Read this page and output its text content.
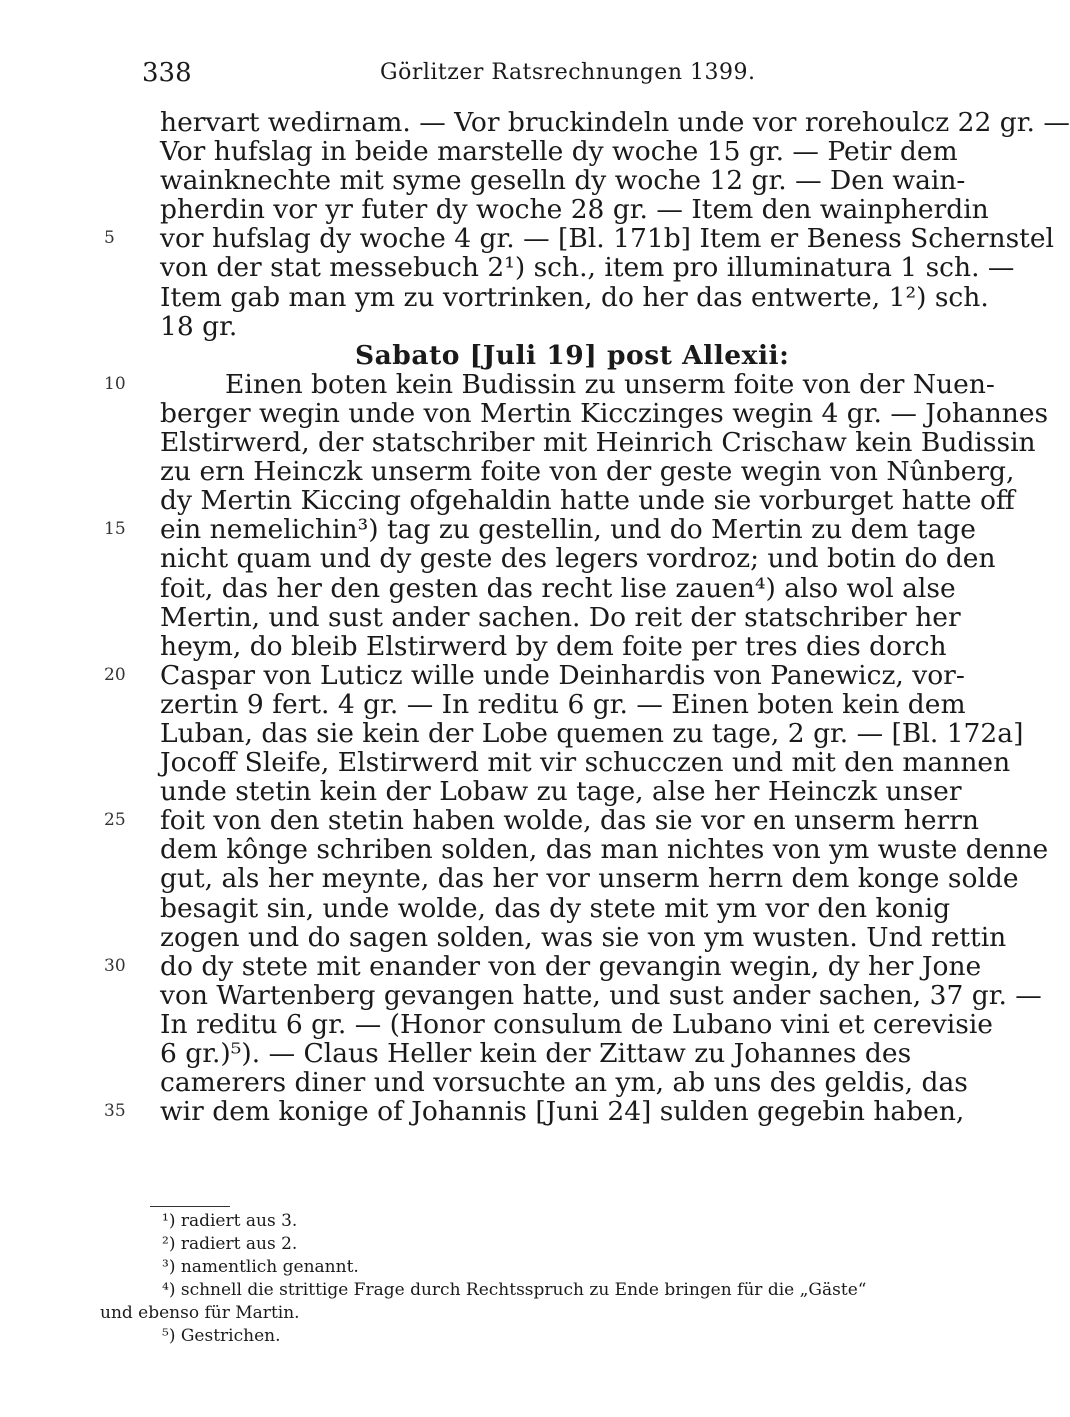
338	Görlitzer Ratsrechnungen 1399.
hervart wedirnam. — Vor bruckindeln unde vor rorehoulcz 22 gr. —
Vor hufslag in beide marstelle dy woche 15 gr. — Petir dem
wainknechte mit syme geselln dy woche 12 gr. — Den wain-
pherdin vor yr futer dy woche 28 gr. — Item den wainpherdin
5	vor hufslag dy woche 4 gr. — [Bl. 171b] Item er Beness Schernstel
von der stat messebuch 2¹) sch., item pro illuminatura 1 sch. —
Item gab man ym zu vortrinken, do her das entwerte, 1²) sch.
18 gr.
Sabato [Juli 19] post Allexii:
10	Einen boten kein Budissin zu unserm foite von der Nuen-
berger wegin unde von Mertin Kicczinges wegin 4 gr. — Johannes
Elstirwerd, der statschriber mit Heinrich Crischaw kein Budissin
zu ern Heinczk unserm foite von der geste wegin von Nûnberg,
dy Mertin Kiccing ofgehaldin hatte unde sie vorburget hatte off
15	ein nemelichin³) tag zu gestellin, und do Mertin zu dem tage
nicht quam und dy geste des legers vordroz; und botin do den
foit, das her den gesten das recht lise zauen⁴) also wol alse
Mertin, und sust ander sachen. Do reit der statschriber her
heym, do bleib Elstirwerd by dem foite per tres dies dorch
20	Caspar von Luticz wille unde Deinhardis von Panewicz, vor-
zertin 9 fert. 4 gr. — In reditu 6 gr. — Einen boten kein dem
Luban, das sie kein der Lobe quemen zu tage, 2 gr. — [Bl. 172a]
Jocoff Sleife, Elstirwerd mit vir schucczen und mit den mannen
unde stetin kein der Lobaw zu tage, alse her Heinczk unser
25	foit von den stetin haben wolde, das sie vor en unserm herrn
dem kônge schriben solden, das man nichtes von ym wuste denne
gut, als her meynte, das her vor unserm herrn dem konge solde
besagit sin, unde wolde, das dy stete mit ym vor den konig
zogen und do sagen solden, was sie von ym wusten. Und rettin
30	do dy stete mit enander von der gevangin wegin, dy her Jone
von Wartenberg gevangen hatte, und sust ander sachen, 37 gr. —
In reditu 6 gr. — (Honor consulum de Lubano vini et cerevisie
6 gr.)⁵). — Claus Heller kein der Zittaw zu Johannes des
camerers diner und vorsuchte an ym, ab uns des geldis, das
35	wir dem konige of Johannis [Juni 24] sulden gegebin haben,
¹) radiert aus 3.
²) radiert aus 2.
³) namentlich genannt.
⁴) schnell die strittige Frage durch Rechtsspruch zu Ende bringen für die „Gäste“
und ebenso für Martin.
⁵) Gestrichen.
